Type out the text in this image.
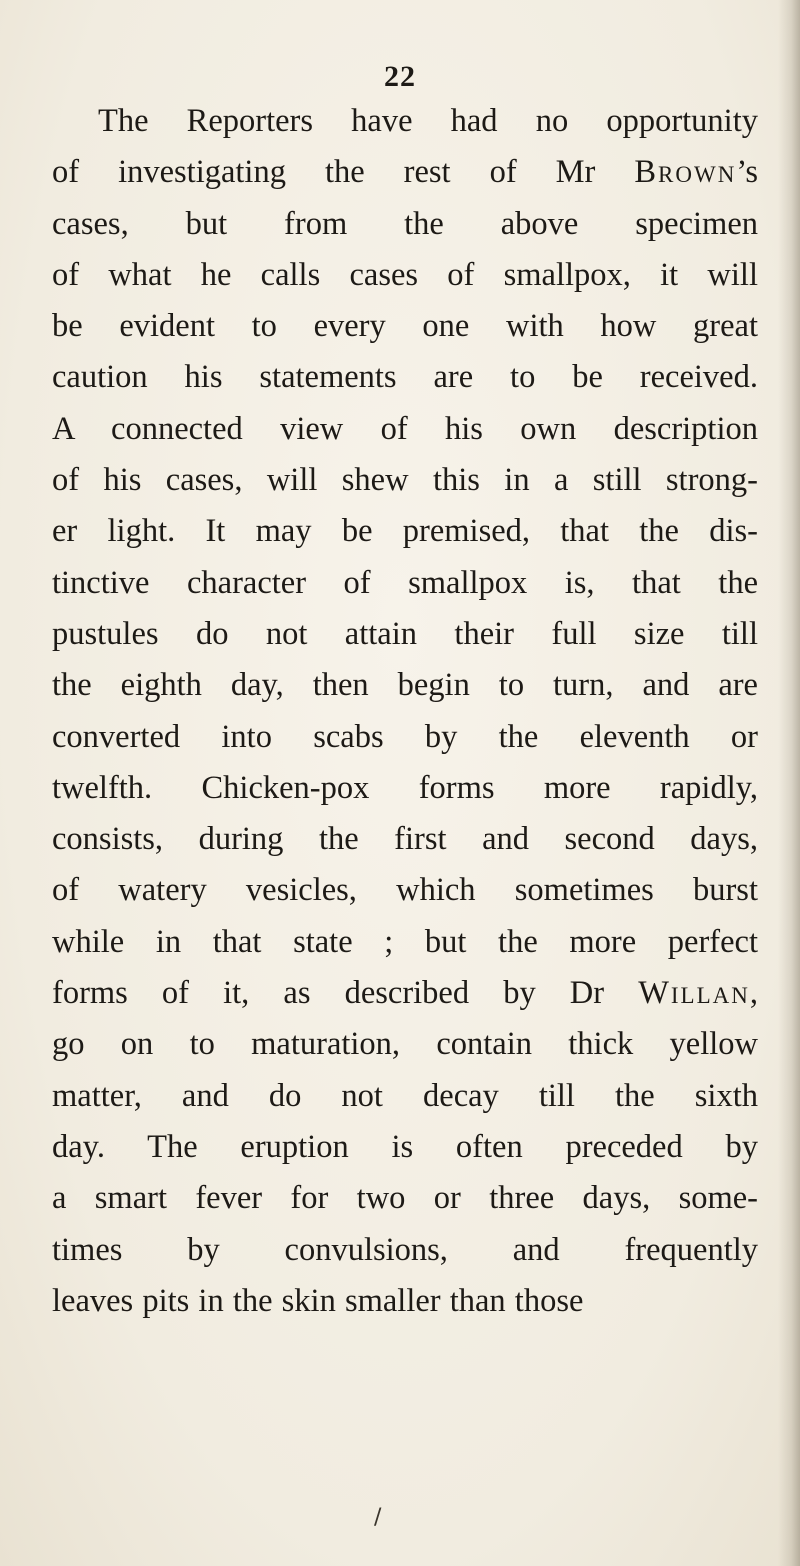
22
The Reporters have had no opportunity
of investigating the rest of Mr Brown’s
cases, but from the above specimen
of what he calls cases of smallpox, it will
be evident to every one with how great
caution his statements are to be received.
A connected view of his own description
of his cases, will shew this in a still strong-
er light. It may be premised, that the dis-
tinctive character of smallpox is, that the
pustules do not attain their full size till
the eighth day, then begin to turn, and are
converted into scabs by the eleventh or
twelfth. Chicken-pox forms more rapidly,
consists, during the first and second days,
of watery vesicles, which sometimes burst
while in that state ; but the more perfect
forms of it, as described by Dr Willan,
go on to maturation, contain thick yellow
matter, and do not decay till the sixth
day. The eruption is often preceded by
a smart fever for two or three days, some-
times by convulsions, and frequently
leaves pits in the skin smaller than those
/
